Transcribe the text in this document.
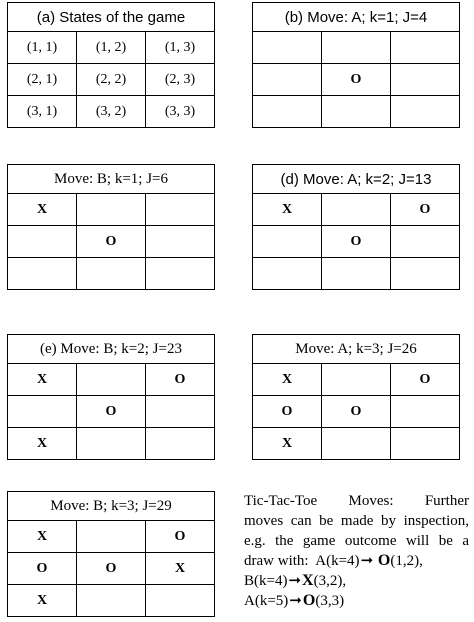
(a) States of the game
(1, 1)	(1, 2)	(1, 3)
(2, 1)	(2, 2)	(2, 3)
(3, 1)	(3, 2)	(3, 3)
(b) Move: A; k=1; J=4

	O	

Move: B; k=1; J=6
X		
	O	

(d) Move: A; k=2; J=13
X		O
	O	

(e) Move: B; k=2; J=23
X		O
	O	
X		
Move: A; k=3; J=26
X		O
O	O	
X		
Move: B; k=3; J=29
X		O
O	O	X
X		

Tic-Tac-Toe Moves: Further

moves can be made by inspection,

e.g. the game outcome will be a

draw with: A(k=4)➞ O(1,2),

B(k=4)➞X(3,2),

A(k=5)➞O(3,3)
